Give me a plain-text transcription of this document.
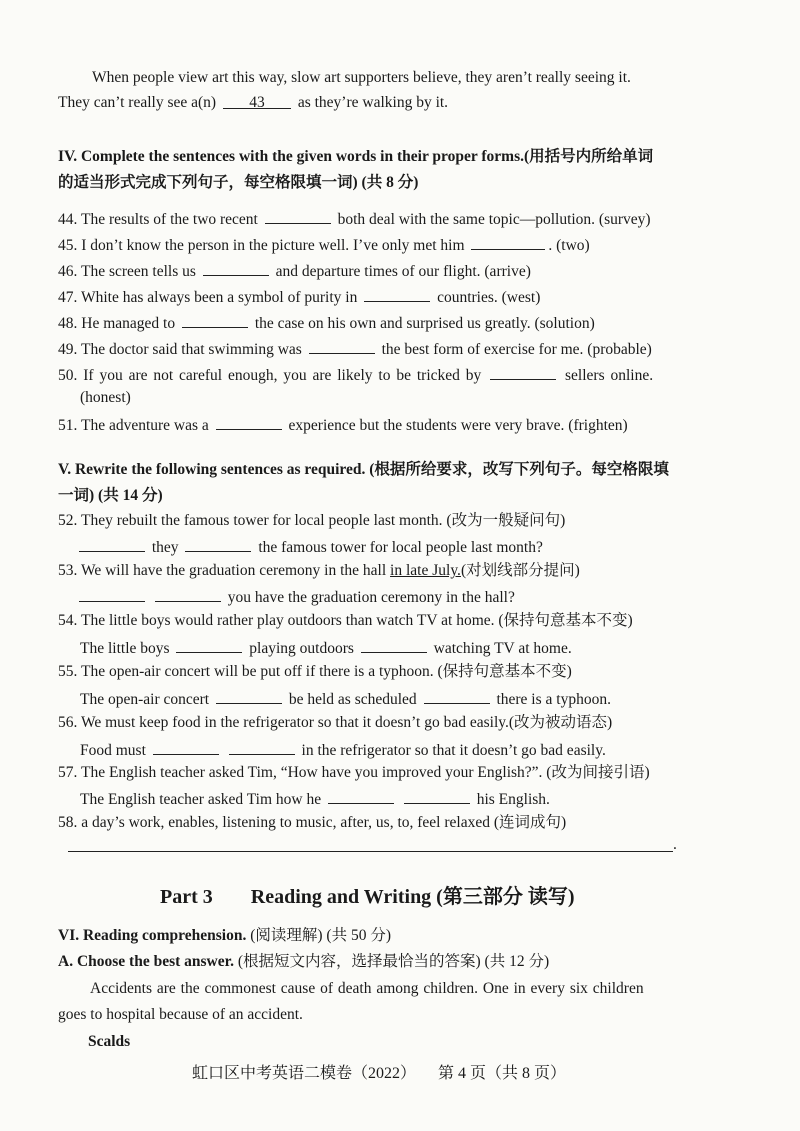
When people view art this way, slow art supporters believe, they aren’t really seeing it.
They can’t really see a(n) 43 as they’re walking by it.
IV. Complete the sentences with the given words in their proper forms.(用括号内所给单词
的适当形式完成下列句子，每空格限填一词) (共 8 分)
44. The results of the two recent	both deal with the same topic—pollution. (survey)
45. I don’t know the person in the picture well. I’ve only met him	. (two)
46. The screen tells us	and departure times of our flight. (arrive)
47. White has always been a symbol of purity in	countries. (west)
48. He managed to	the case on his own and surprised us greatly. (solution)
49. The doctor said that swimming was	the best form of exercise for me. (probable)
50. If you are not careful enough, you are likely to be tricked by	sellers online.
(honest)
51. The adventure was a	experience but the students were very brave. (frighten)
V. Rewrite the following sentences as required. (根据所给要求，改写下列句子。每空格限填
一词) (共 14 分)
52. They rebuilt the famous tower for local people last month. (改为一般疑问句)
they	the famous tower for local people last month?
53. We will have the graduation ceremony in the hall in late July.(对划线部分提问)
you have the graduation ceremony in the hall?
54. The little boys would rather play outdoors than watch TV at home. (保持句意基本不变)
The little boys	playing outdoors	watching TV at home.
55. The open-air concert will be put off if there is a typhoon. (保持句意基本不变)
The open-air concert	be held as scheduled	there is a typhoon.
56. We must keep food in the refrigerator so that it doesn’t go bad easily.(改为被动语态)
Food must	in the refrigerator so that it doesn’t go bad easily.
57. The English teacher asked Tim, “How have you improved your English?”. (改为间接引语)
The English teacher asked Tim how he	his English.
58. a day’s work, enables, listening to music, after, us, to, feel relaxed (连词成句)
.
Part 3 Reading and Writing (第三部分 读写)
VI. Reading comprehension. (阅读理解) (共 50 分)
A. Choose the best answer. (根据短文内容，选择最恰当的答案) (共 12 分)
Accidents are the commonest cause of death among children. One in every six children
goes to hospital because of an accident.
Scalds
虹口区中考英语二模卷（2022） 第 4 页（共 8 页）
